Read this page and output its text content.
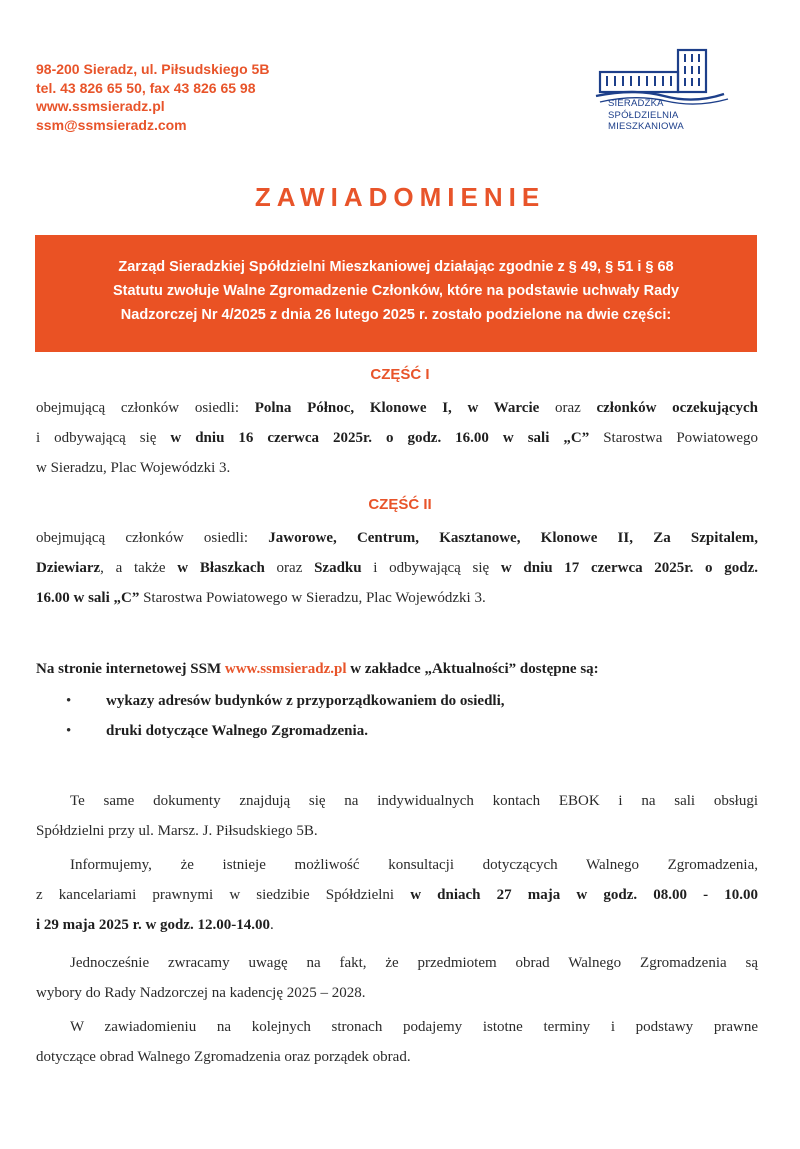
98-200 Sieradz, ul. Piłsudskiego 5B
tel. 43 826 65 50, fax 43 826 65 98
www.ssmsieradz.pl
ssm@ssmsieradz.com
SIERADZKA
SPÓŁDZIELNIA
MIESZKANIOWA
ZAWIADOMIENIE
Zarząd Sieradzkiej Spółdzielni Mieszkaniowej działając zgodnie z § 49, § 51 i § 68
Statutu zwołuje Walne Zgromadzenie Członków, które na podstawie uchwały Rady
Nadzorczej Nr 4/2025 z dnia 26 lutego 2025 r. zostało podzielone na dwie części:
CZĘŚĆ I
obejmującą członków osiedli: Polna Północ, Klonowe I, w Warcie oraz członków oczekujących
i odbywającą się w dniu 16 czerwca 2025r. o godz. 16.00 w sali „C” Starostwa Powiatowego
w Sieradzu, Plac Wojewódzki 3.
CZĘŚĆ II
obejmującą członków osiedli: Jaworowe, Centrum, Kasztanowe, Klonowe II, Za Szpitalem,
Dziewiarz, a także w Błaszkach oraz Szadku i odbywającą się w dniu 17 czerwca 2025r. o godz.
16.00 w sali „C” Starostwa Powiatowego w Sieradzu, Plac Wojewódzki 3.
Na stronie internetowej SSM www.ssmsieradz.pl w zakładce „Aktualności” dostępne są:
• wykazy adresów budynków z przyporządkowaniem do osiedli,
• druki dotyczące Walnego Zgromadzenia.
Te same dokumenty znajdują się na indywidualnych kontach EBOK i na sali obsługi
Spółdzielni przy ul. Marsz. J. Piłsudskiego 5B.
Informujemy, że istnieje możliwość konsultacji dotyczących Walnego Zgromadzenia,
z kancelariami prawnymi w siedzibie Spółdzielni w dniach 27 maja w godz. 08.00 - 10.00
i 29 maja 2025 r. w godz. 12.00-14.00.
Jednocześnie zwracamy uwagę na fakt, że przedmiotem obrad Walnego Zgromadzenia są
wybory do Rady Nadzorczej na kadencję 2025 – 2028.
W zawiadomieniu na kolejnych stronach podajemy istotne terminy i podstawy prawne
dotyczące obrad Walnego Zgromadzenia oraz porządek obrad.
